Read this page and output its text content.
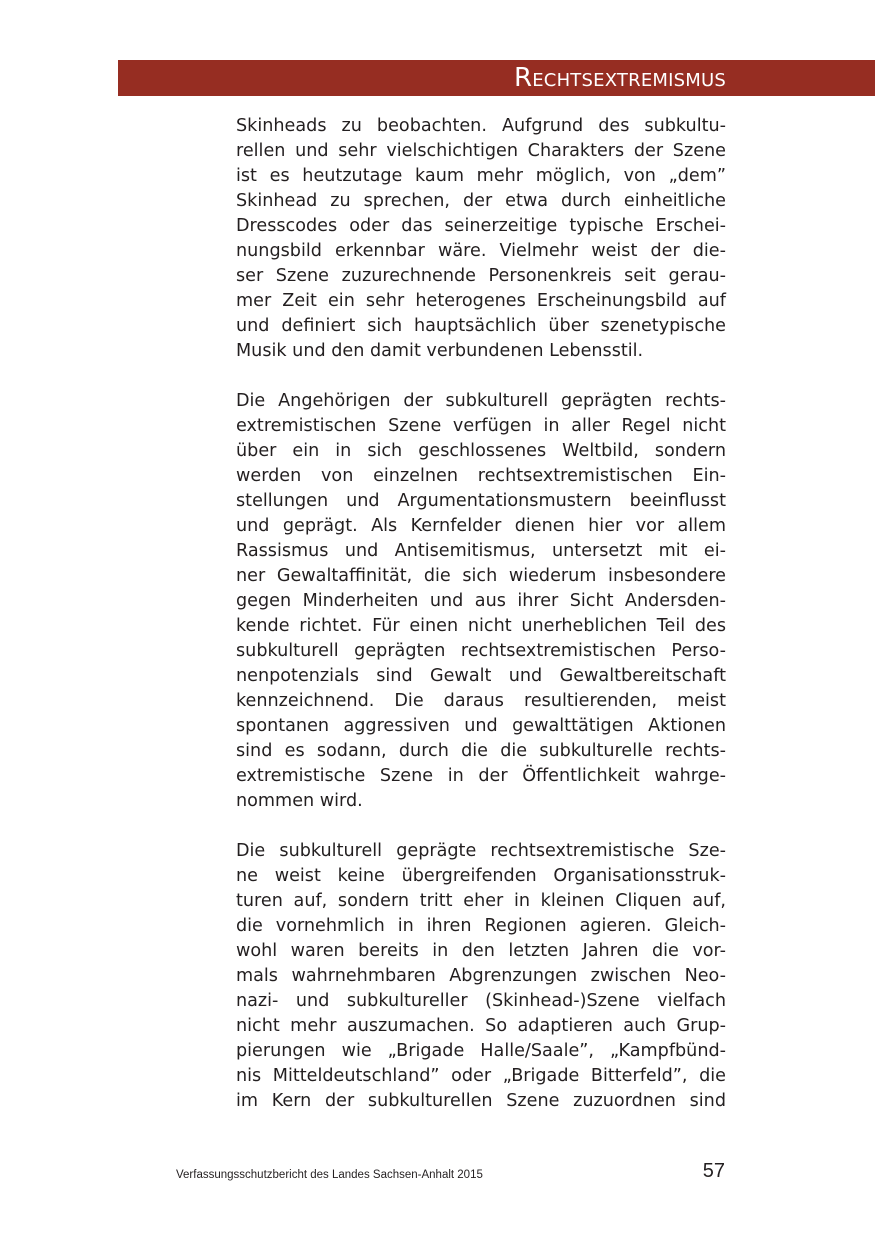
Rechtsextremismus
Skinheads zu beobachten. Aufgrund des subkultu-
rellen und sehr vielschichtigen Charakters der Szene
ist es heutzutage kaum mehr möglich, von „dem”
Skinhead zu sprechen, der etwa durch einheitliche
Dresscodes oder das seinerzeitige typische Erschei-
nungsbild erkennbar wäre. Vielmehr weist der die-
ser Szene zuzurechnende Personenkreis seit gerau-
mer Zeit ein sehr heterogenes Erscheinungsbild auf
und definiert sich hauptsächlich über szenetypische
Musik und den damit verbundenen Lebensstil.
Die Angehörigen der subkulturell geprägten rechts-
extremistischen Szene verfügen in aller Regel nicht
über ein in sich geschlossenes Weltbild, sondern
werden von einzelnen rechtsextremistischen Ein-
stellungen und Argumentationsmustern beeinflusst
und geprägt. Als Kernfelder dienen hier vor allem
Rassismus und Antisemitismus, untersetzt mit ei-
ner Gewaltaffinität, die sich wiederum insbesondere
gegen Minderheiten und aus ihrer Sicht Andersden-
kende richtet. Für einen nicht unerheblichen Teil des
subkulturell geprägten rechtsextremistischen Perso-
nenpotenzials sind Gewalt und Gewaltbereitschaft
kennzeichnend. Die daraus resultierenden, meist
spontanen aggressiven und gewalttätigen Aktionen
sind es sodann, durch die die subkulturelle rechts-
extremistische Szene in der Öffentlichkeit wahrge-
nommen wird.
Die subkulturell geprägte rechtsextremistische Sze-
ne weist keine übergreifenden Organisationsstruk-
turen auf, sondern tritt eher in kleinen Cliquen auf,
die vornehmlich in ihren Regionen agieren. Gleich-
wohl waren bereits in den letzten Jahren die vor-
mals wahrnehmbaren Abgrenzungen zwischen Neo-
nazi- und subkultureller (Skinhead-)Szene vielfach
nicht mehr auszumachen. So adaptieren auch Grup-
pierungen wie „Brigade Halle/Saale”, „Kampfbünd-
nis Mitteldeutschland” oder „Brigade Bitterfeld”, die
im Kern der subkulturellen Szene zuzuordnen sind
Verfassungsschutzbericht des Landes Sachsen-Anhalt 2015	57
